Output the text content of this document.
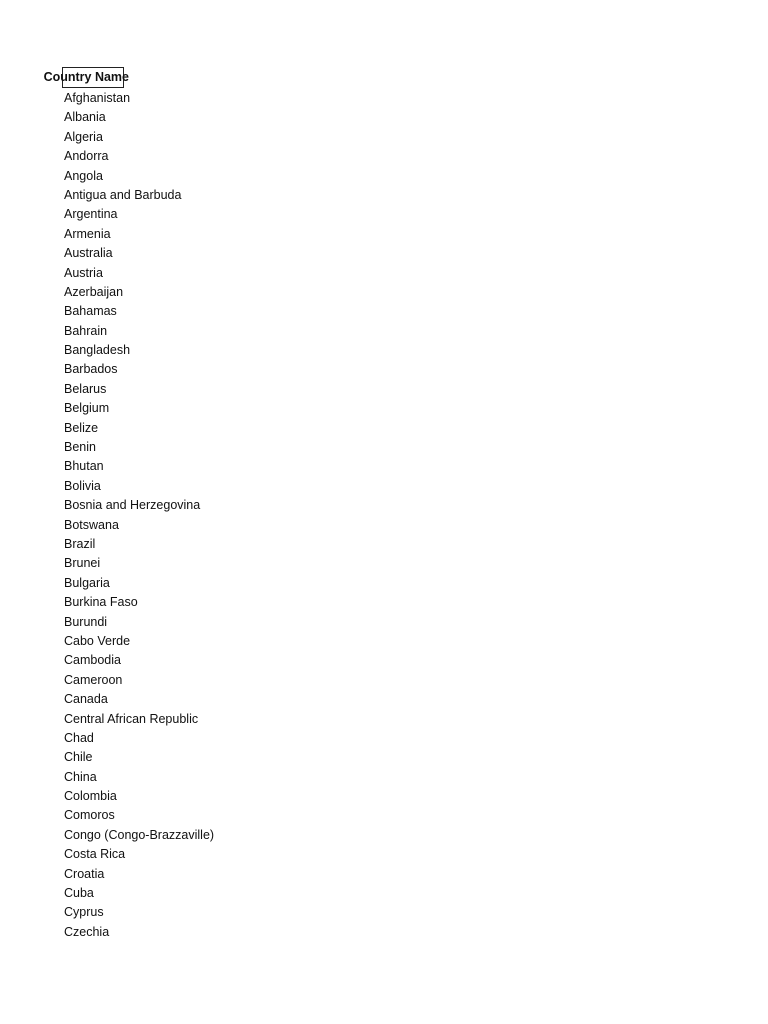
Country Name
Afghanistan
Albania
Algeria
Andorra
Angola
Antigua and Barbuda
Argentina
Armenia
Australia
Austria
Azerbaijan
Bahamas
Bahrain
Bangladesh
Barbados
Belarus
Belgium
Belize
Benin
Bhutan
Bolivia
Bosnia and Herzegovina
Botswana
Brazil
Brunei
Bulgaria
Burkina Faso
Burundi
Cabo Verde
Cambodia
Cameroon
Canada
Central African Republic
Chad
Chile
China
Colombia
Comoros
Congo (Congo-Brazzaville)
Costa Rica
Croatia
Cuba
Cyprus
Czechia
